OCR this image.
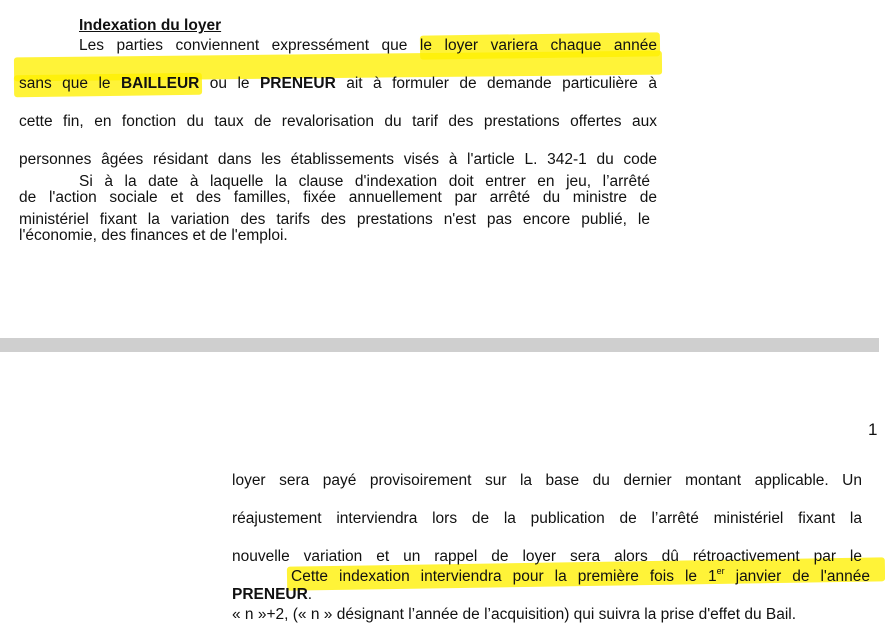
Indexation du loyer
Les parties conviennent expressément que le loyer variera chaque année
sans que le BAILLEUR ou le PRENEUR ait à formuler de demande particulière à
cette fin, en fonction du taux de revalorisation du tarif des prestations offertes aux
personnes âgées résidant dans les établissements visés à l'article L. 342-1 du code
de l'action sociale et des familles, fixée annuellement par arrêté du ministre de
l'économie, des finances et de l'emploi.
Si à la date à laquelle la clause d'indexation doit entrer en jeu, l’arrêté
ministériel fixant la variation des tarifs des prestations n'est pas encore publié, le
1
loyer sera payé provisoirement sur la base du dernier montant applicable. Un
réajustement interviendra lors de la publication de l’arrêté ministériel fixant la
nouvelle variation et un rappel de loyer sera alors dû rétroactivement par le
PRENEUR.
Cette indexation interviendra pour la première fois le 1er janvier de l'année
« n »+2, (« n » désignant l’année de l’acquisition) qui suivra la prise d'effet du Bail.
